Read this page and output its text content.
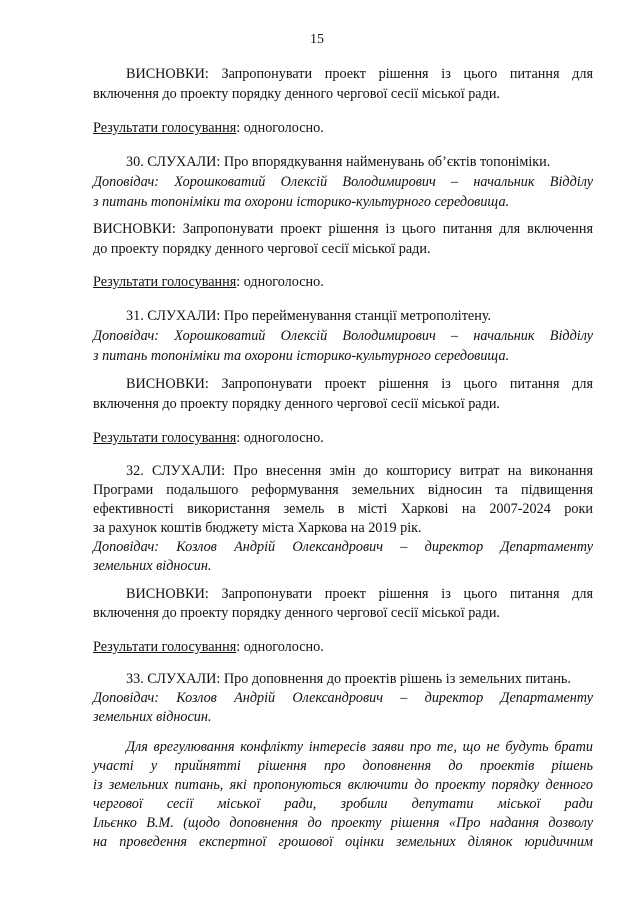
15
ВИСНОВКИ: Запропонувати проект рішення із цього питання для
включення до проекту порядку денного чергової сесії міської ради.
Результати голосування: одноголосно.
30. СЛУХАЛИ: Про впорядкування найменувань об’єктів топоніміки.
Доповідач: Хорошковатий Олексій Володимирович – начальник Відділу
з питань топоніміки та охорони історико-культурного середовища.
ВИСНОВКИ: Запропонувати проект рішення із цього питання для включення
до проекту порядку денного чергової сесії міської ради.
Результати голосування: одноголосно.
31. СЛУХАЛИ: Про перейменування станції метрополітену.
Доповідач: Хорошковатий Олексій Володимирович – начальник Відділу
з питань топоніміки та охорони історико-культурного середовища.
ВИСНОВКИ: Запропонувати проект рішення із цього питання для
включення до проекту порядку денного чергової сесії міської ради.
Результати голосування: одноголосно.
32. СЛУХАЛИ: Про внесення змін до кошторису витрат на виконання
Програми подальшого реформування земельних відносин та підвищення
ефективності використання земель в місті Харкові на 2007-2024 роки
за рахунок коштів бюджету міста Харкова на 2019 рік.
Доповідач: Козлов Андрій Олександрович – директор Департаменту
земельних відносин.
ВИСНОВКИ: Запропонувати проект рішення із цього питання для
включення до проекту порядку денного чергової сесії міської ради.
Результати голосування: одноголосно.
33. СЛУХАЛИ: Про доповнення до проектів рішень із земельних питань.
Доповідач: Козлов Андрій Олександрович – директор Департаменту
земельних відносин.
Для врегулювання конфлікту інтересів заяви про те, що не будуть брати
участі у прийнятті рішення про доповнення до проектів рішень
із земельних питань, які пропонуються включити до проекту порядку денного
чергової сесії міської ради, зробили депутати міської ради
Ільєнко В.М. (щодо доповнення до проекту рішення «Про надання дозволу
на проведення експертної грошової оцінки земельних ділянок юридичним
